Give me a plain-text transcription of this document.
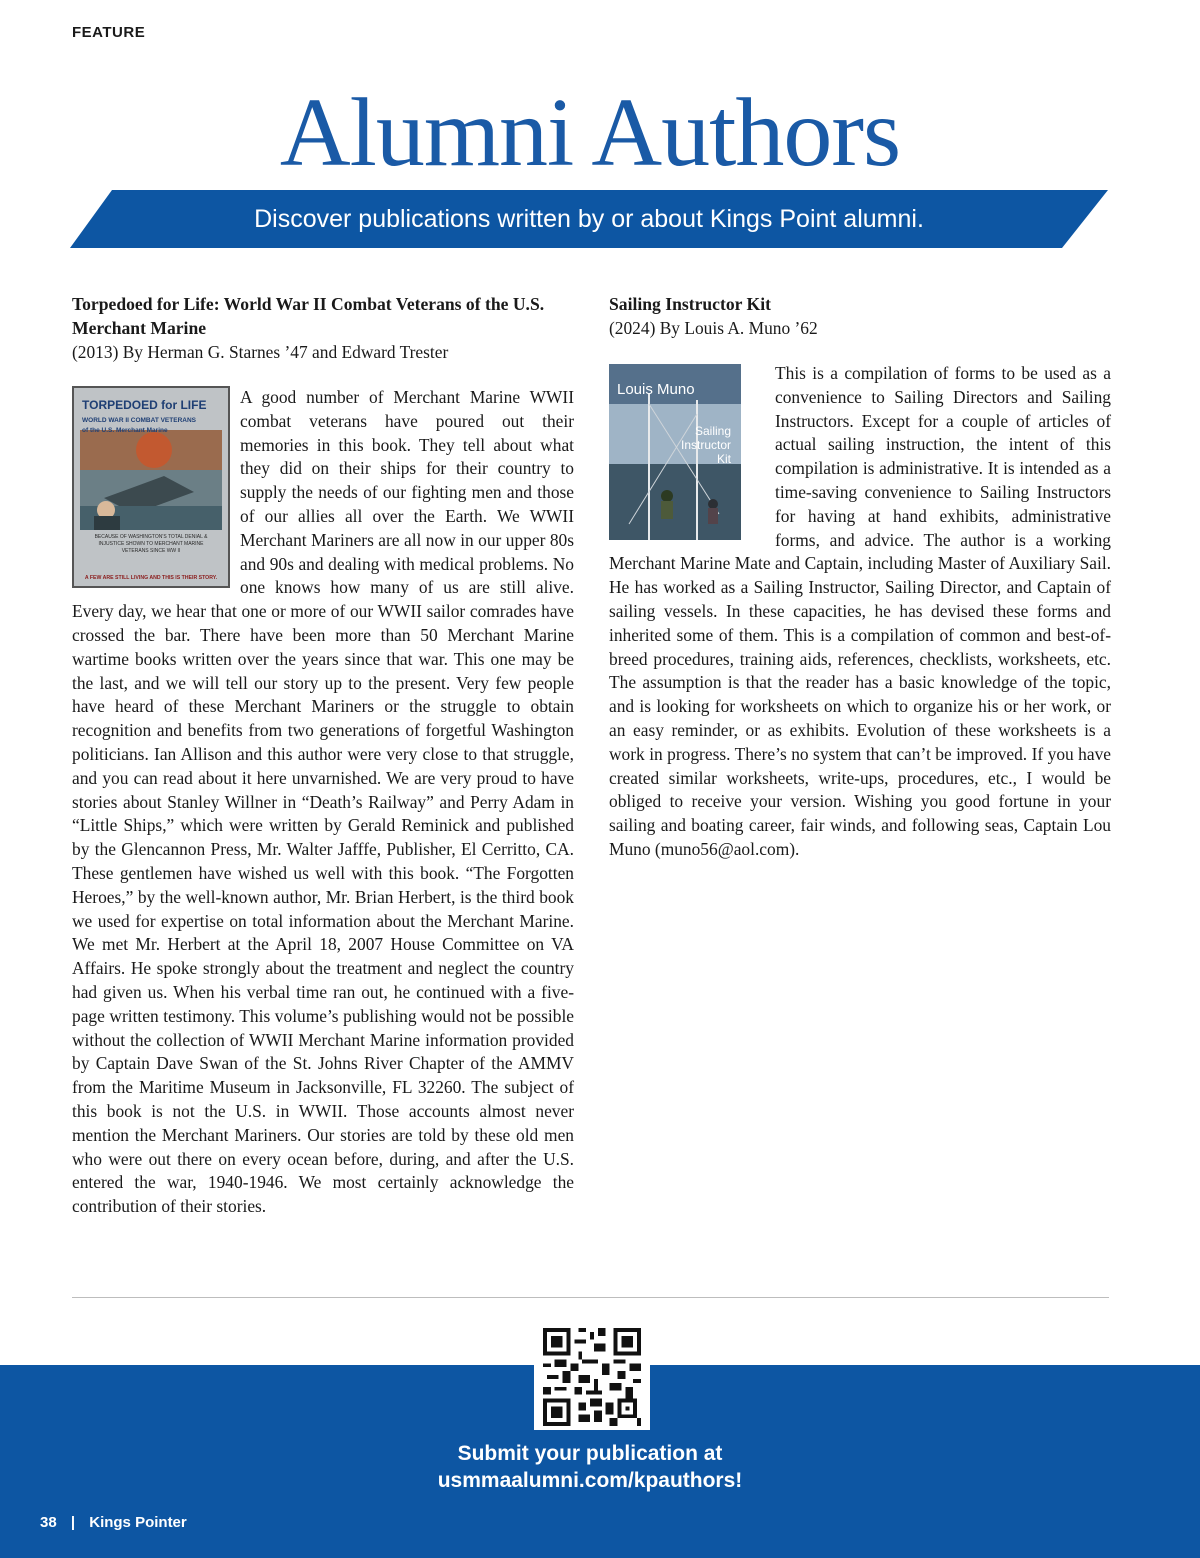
FEATURE
Alumni Authors
Discover publications written by or about Kings Point alumni.
Torpedoed for Life: World War II Combat Veterans of the U.S. Merchant Marine
(2013) By Herman G. Starnes ’47 and Edward Trester

TORPEDOED for LIFE
WORLD WAR II COMBAT VETERANS
of the U.S. Merchant Marine
BECAUSE OF WASHINGTON'S TOTAL DENIAL & INJUSTICE SHOWN TO MERCHANT MARINE VETERANS SINCE WW II
A FEW ARE STILL LIVING AND THIS IS THEIR STORY.
A good number of Merchant Marine WWII combat veterans have poured out their memories in this book. They tell about what they did on their ships for their country to supply the needs of our fighting men and those of our allies all over the Earth. We WWII Merchant Mariners are all now in our upper 80s and 90s and dealing with medical problems. No one knows how many of us are still alive. Every day, we hear that one or more of our WWII sailor comrades have crossed the bar. There have been more than 50 Merchant Marine wartime books written over the years since that war. This one may be the last, and we will tell our story up to the present. Very few people have heard of these Merchant Mariners or the struggle to obtain recognition and benefits from two generations of forgetful Washington politicians. Ian Allison and this author were very close to that struggle, and you can read about it here unvarnished. We are very proud to have stories about Stanley Willner in “Death’s Railway” and Perry Adam in “Little Ships,” which were written by Gerald Reminick and published by the Glencannon Press, Mr. Walter Jafffe, Publisher, El Cerritto, CA. These gentlemen have wished us well with this book. “The Forgotten Heroes,” by the well-known author, Mr. Brian Herbert, is the third book we used for expertise on total information about the Merchant Marine. We met Mr. Herbert at the April 18, 2007 House Committee on VA Affairs. He spoke strongly about the treatment and neglect the country had given us. When his verbal time ran out, he continued with a five-page written testimony. This volume’s publishing would not be possible without the collection of WWII Merchant Marine information provided by Captain Dave Swan of the St. Johns River Chapter of the AMMV from the Maritime Museum in Jacksonville, FL 32260. The subject of this book is not the U.S. in WWII. Those accounts almost never mention the Merchant Mariners. Our stories are told by these old men who were out there on every ocean before, during, and after the U.S. entered the war, 1940-1946. We most certainly acknowledge the contribution of their stories.

Sailing Instructor Kit
(2024) By Louis A. Muno ’62

Louis Muno
Sailing
Instructor
Kit
This is a compilation of forms to be used as a convenience to Sailing Directors and Sailing Instructors. Except for a couple of articles of actual sailing instruction, the intent of this compilation is administrative. It is intended as a time-saving convenience to Sailing Instructors for having at hand exhibits, administrative forms, and advice. The author is a working Merchant Marine Mate and Captain, including Master of Auxiliary Sail. He has worked as a Sailing Instructor, Sailing Director, and Captain of sailing vessels. In these capacities, he has devised these forms and inherited some of them. This is a compilation of common and best-of-breed procedures, training aids, references, checklists, worksheets, etc. The assumption is that the reader has a basic knowledge of the topic, and is looking for worksheets on which to organize his or her work, or an easy reminder, or as exhibits. Evolution of these worksheets is a work in progress. There’s no system that can’t be improved. If you have created similar worksheets, write-ups, procedures, etc., I would be obliged to receive your version. Wishing you good fortune in your sailing and boating career, fair winds, and following seas, Captain Lou Muno (muno56@aol.com).

Submit your publication at
usmmaalumni.com/kpauthors!
38 | Kings Pointer
